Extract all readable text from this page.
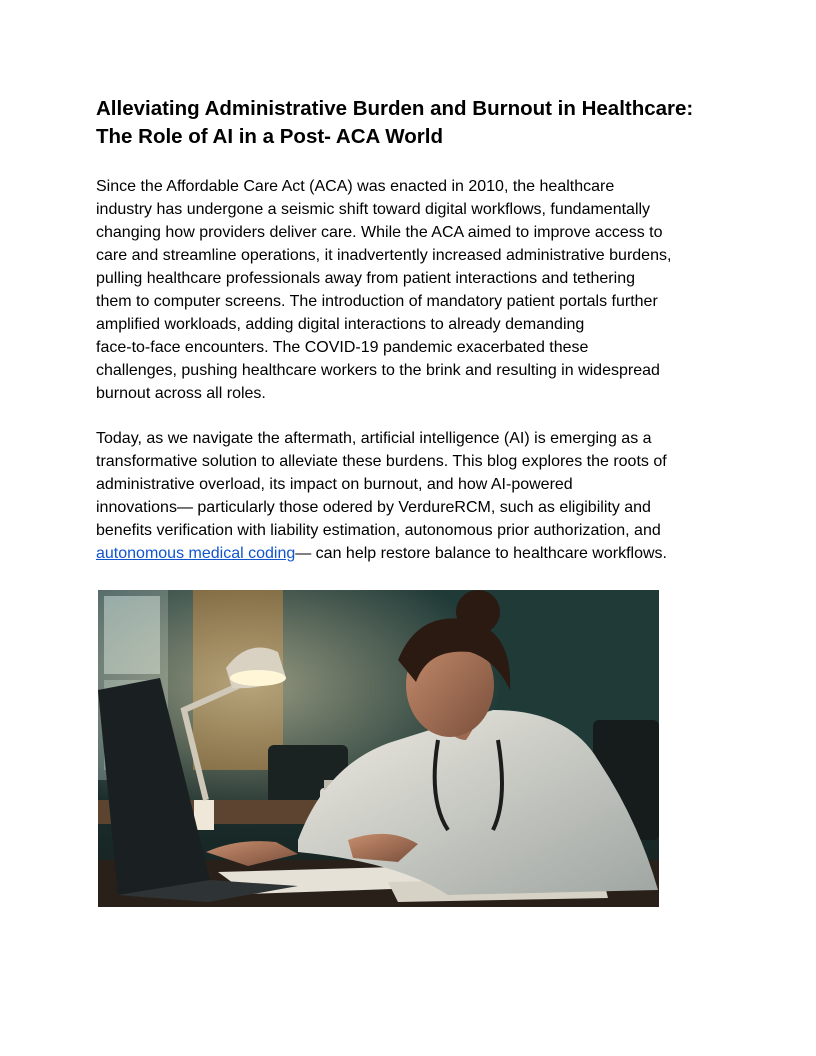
Alleviating Administrative Burden and Burnout in Healthcare:
The Role of AI in a Post- ACA World

Since the Affordable Care Act (ACA) was enacted in 2010, the healthcare
industry has undergone a seismic shift toward digital workflows, fundamentally
changing how providers deliver care. While the ACA aimed to improve access to
care and streamline operations, it inadvertently increased administrative burdens,
pulling healthcare professionals away from patient interactions and tethering
them to computer screens. The introduction of mandatory patient portals further
amplified workloads, adding digital interactions to already demanding
face-to-face encounters. The COVID-19 pandemic exacerbated these
challenges, pushing healthcare workers to the brink and resulting in widespread
burnout across all roles.

Today, as we navigate the aftermath, artificial intelligence (AI) is emerging as a
transformative solution to alleviate these burdens. This blog explores the roots of
administrative overload, its impact on burnout, and how AI-powered
innovations— particularly those odered by VerdureRCM, such as eligibility and
benefits verification with liability estimation, autonomous prior authorization, and
autonomous medical coding— can help restore balance to healthcare workflows.
